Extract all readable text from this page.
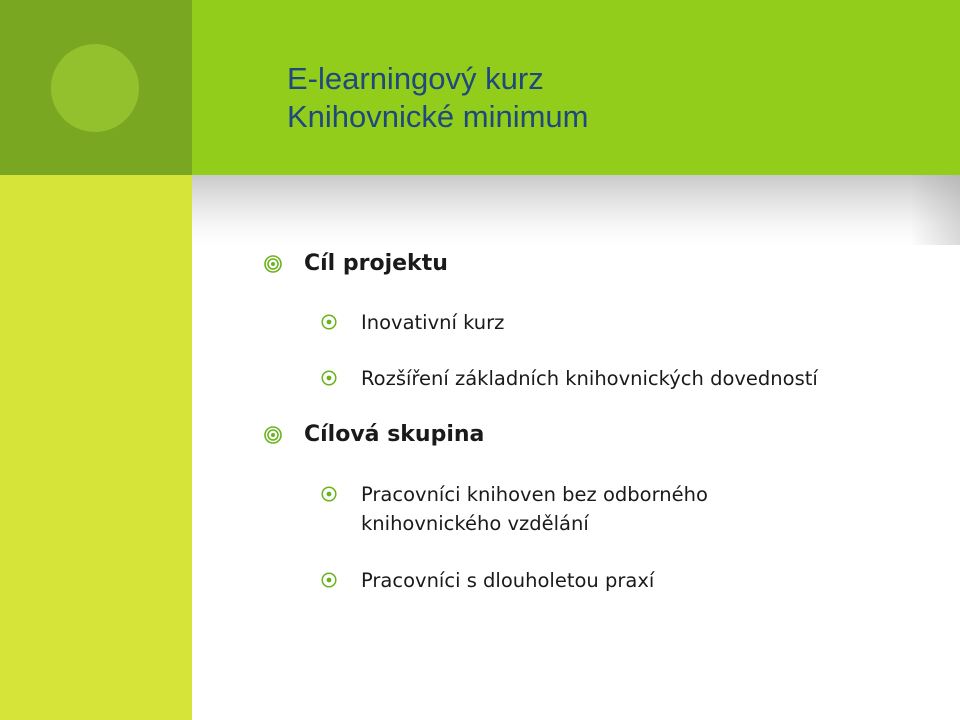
E-learningový kurz
Knihovnické minimum
Cíl projektu
Inovativní kurz
Rozšíření základních knihovnických dovedností
Cílová skupina
Pracovníci knihoven bez odborného
knihovnického vzdělání
Pracovníci s dlouholetou praxí
